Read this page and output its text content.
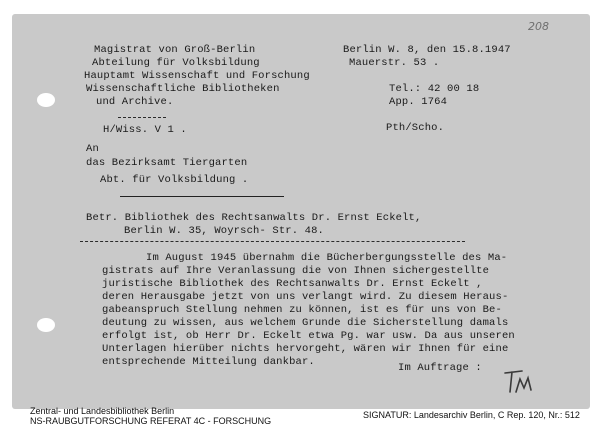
208
Magistrat von Groß-Berlin
Abteilung für Volksbildung
Hauptamt Wissenschaft und Forschung
Wissenschaftliche Bibliotheken
und Archive.
H/Wiss. V 1 .
Berlin W. 8, den 15.8.1947
Mauerstr. 53 .
Tel.: 42 00 18
App. 1764
Pth/Scho.
An
das Bezirksamt Tiergarten
Abt. für Volksbildung .
Betr. Bibliothek des Rechtsanwalts Dr. Ernst Eckelt,
Berlin W. 35, Woyrsch- Str. 48.
Im August 1945 übernahm die Bücherbergungsstelle des Ma-
gistrats auf Ihre Veranlassung die von Ihnen sichergestellte
juristische Bibliothek des Rechtsanwalts Dr. Ernst Eckelt ,
deren Herausgabe jetzt von uns verlangt wird. Zu diesem Heraus-
gabeanspruch Stellung nehmen zu können, ist es für uns von Be-
deutung zu wissen, aus welchem Grunde die Sicherstellung damals
erfolgt ist, ob Herr Dr. Eckelt etwa Pg. war usw. Da aus unseren
Unterlagen hierüber nichts hervorgeht, wären wir Ihnen für eine
entsprechende Mitteilung dankbar.	Im Auftrage :
Zentral- und Landesbibliothek Berlin
NS-RAUBGUTFORSCHUNG REFERAT 4C - FORSCHUNG
SIGNATUR: Landesarchiv Berlin, C Rep. 120, Nr.: 512
